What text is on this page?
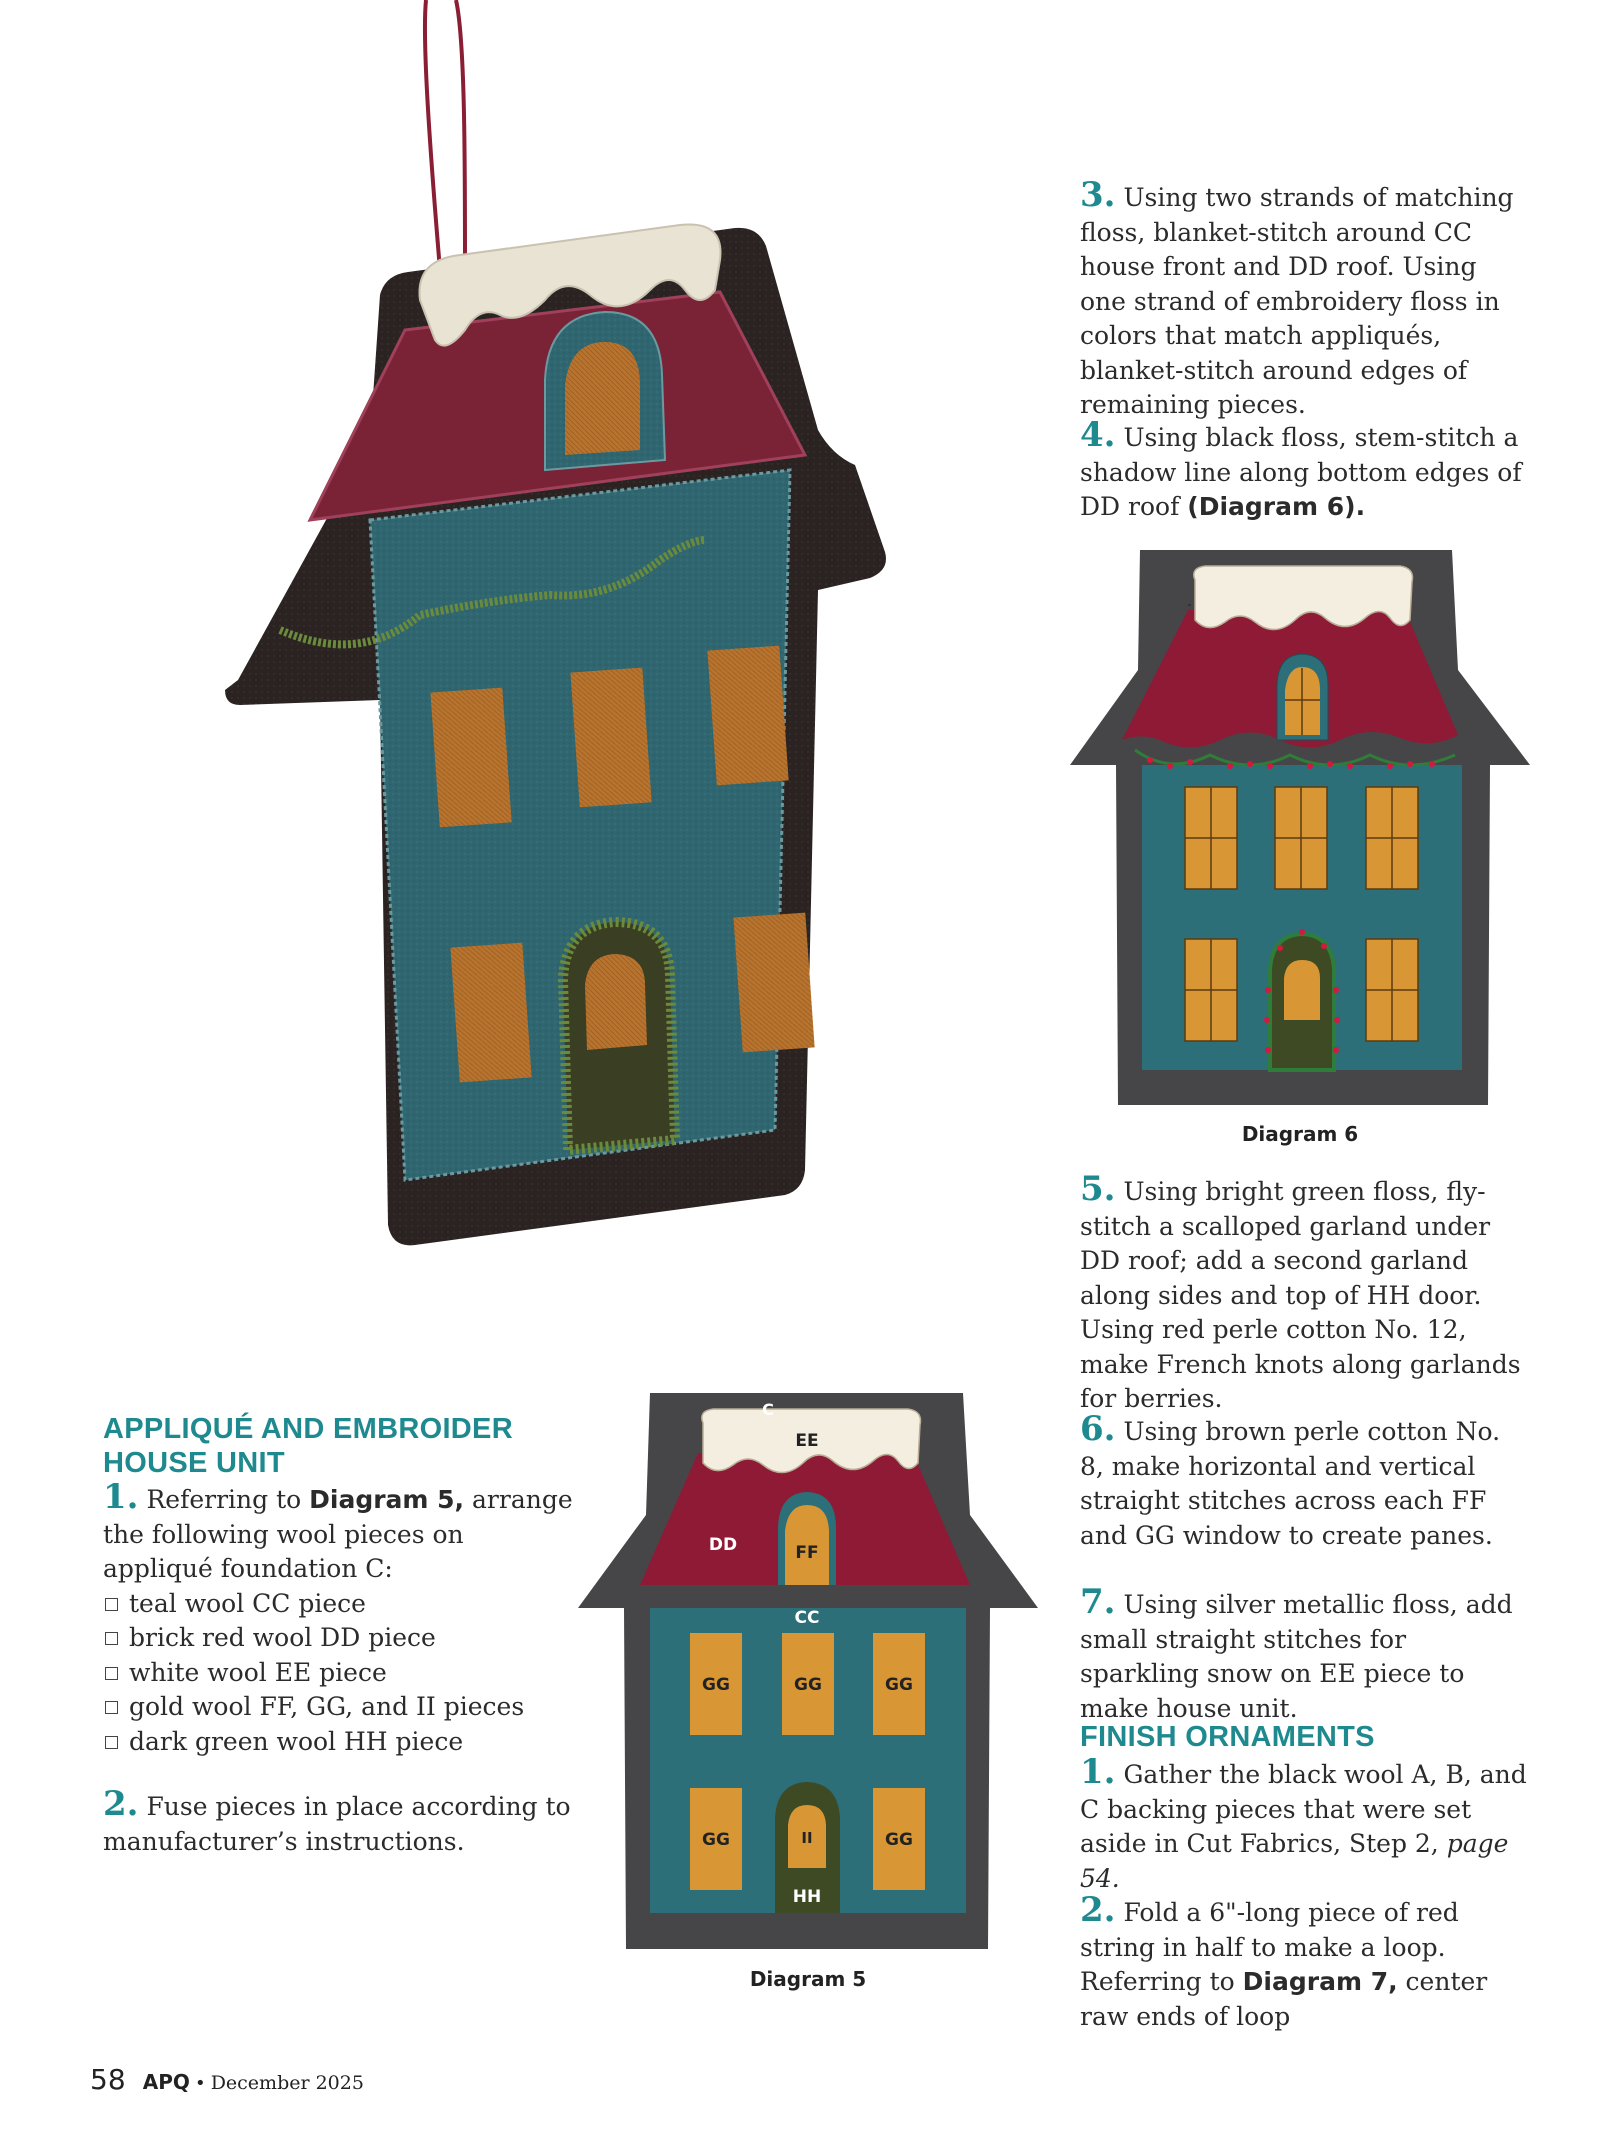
3. Using two strands of matching floss, blanket-stitch around CC house front and DD roof. Using one strand of embroidery floss in colors that match appliqués, blanket-stitch around edges of remaining pieces.
4. Using black floss, stem-stitch a shadow line along bottom edges of DD roof (Diagram 6).
Diagram 6
5. Using bright green floss, fly-stitch a scalloped garland under DD roof; add a second garland along sides and top of HH door. Using red perle cotton No. 12, make French knots along garlands for berries.
6. Using brown perle cotton No. 8, make horizontal and vertical straight stitches across each FF and GG window to create panes.
7. Using silver metallic floss, add small straight stitches for sparkling snow on EE piece to make house unit.
FINISH ORNAMENTS
1. Gather the black wool A, B, and C backing pieces that were set aside in Cut Fabrics, Step 2, page 54.
2. Fold a 6"-long piece of red string in half to make a loop. Referring to Diagram 7, center raw ends of loop
APPLIQUÉ AND EMBROIDER
HOUSE UNIT
1. Referring to Diagram 5, arrange the following wool pieces on appliqué foundation C:
teal wool CC piece
brick red wool DD piece
white wool EE piece
gold wool FF, GG, and II pieces
dark green wool HH piece
2. Fuse pieces in place according to manufacturer’s instructions.
C
EE
DD	FF
CC
GG	GG	GG
GG	II	GG
HH
Diagram 5
58 APQ • December 2025
